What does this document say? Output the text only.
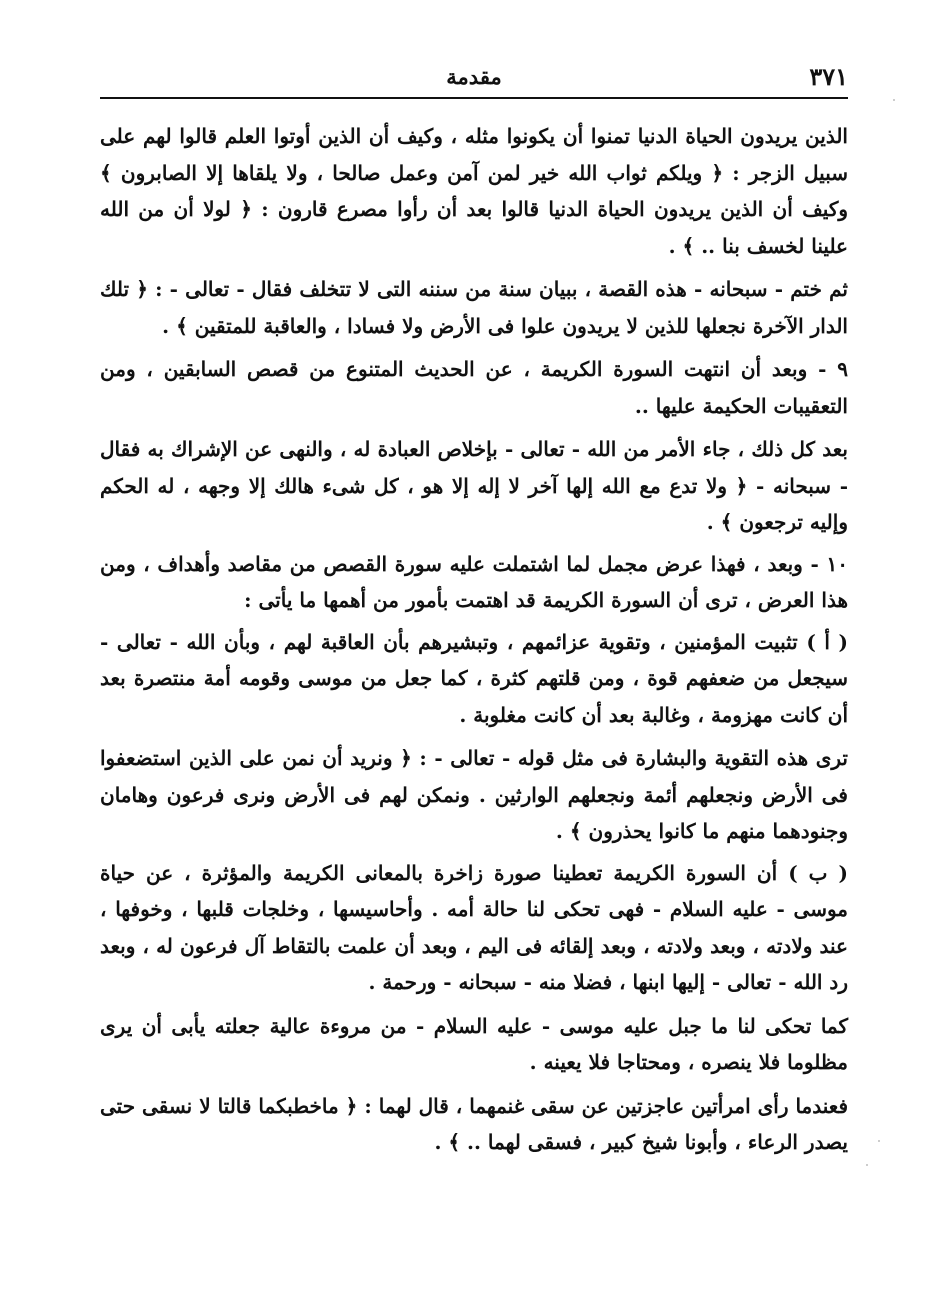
٣٧١
مقدمة

الذين يريدون الحياة الدنيا تمنوا أن يكونوا مثله ، وكيف أن الذين أوتوا العلم قالوا لهم على سبيل الزجر : ﴿ ويلكم ثواب الله خير لمن آمن وعمل صالحا ، ولا يلقاها إلا الصابرون ﴾ وكيف أن الذين يريدون الحياة الدنيا قالوا بعد أن رأوا مصرع قارون : ﴿ لولا أن من الله علينا لخسف بنا .. ﴾ .

ثم ختم - سبحانه - هذه القصة ، ببيان سنة من سننه التى لا تتخلف فقال - تعالى - : ﴿ تلك الدار الآخرة نجعلها للذين لا يريدون علوا فى الأرض ولا فسادا ، والعاقبة للمتقين ﴾ .

٩ - وبعد أن انتهت السورة الكريمة ، عن الحديث المتنوع من قصص السابقين ، ومن التعقيبات الحكيمة عليها ..

بعد كل ذلك ، جاء الأمر من الله - تعالى - بإخلاص العبادة له ، والنهى عن الإشراك به فقال - سبحانه - ﴿ ولا تدع مع الله إلها آخر لا إله إلا هو ، كل شىء هالك إلا وجهه ، له الحكم وإليه ترجعون ﴾ .

١٠ - وبعد ، فهذا عرض مجمل لما اشتملت عليه سورة القصص من مقاصد وأهداف ، ومن هذا العرض ، ترى أن السورة الكريمة قد اهتمت بأمور من أهمها ما يأتى :

( أ ) تثبيت المؤمنين ، وتقوية عزائمهم ، وتبشيرهم بأن العاقبة لهم ، وبأن الله - تعالى - سيجعل من ضعفهم قوة ، ومن قلتهم كثرة ، كما جعل من موسى وقومه أمة منتصرة بعد أن كانت مهزومة ، وغالبة بعد أن كانت مغلوبة .

ترى هذه التقوية والبشارة فى مثل قوله - تعالى - : ﴿ ونريد أن نمن على الذين استضعفوا فى الأرض ونجعلهم أئمة ونجعلهم الوارثين . ونمكن لهم فى الأرض ونرى فرعون وهامان وجنودهما منهم ما كانوا يحذرون ﴾ .

( ب ) أن السورة الكريمة تعطينا صورة زاخرة بالمعانى الكريمة والمؤثرة ، عن حياة موسى - عليه السلام - فهى تحكى لنا حالة أمه . وأحاسيسها ، وخلجات قلبها ، وخوفها ، عند ولادته ، وبعد ولادته ، وبعد إلقائه فى اليم ، وبعد أن علمت بالتقاط آل فرعون له ، وبعد رد الله - تعالى - إليها ابنها ، فضلا منه - سبحانه - ورحمة .

كما تحكى لنا ما جبل عليه موسى - عليه السلام - من مروءة عالية جعلته يأبى أن يرى مظلوما فلا ينصره ، ومحتاجا فلا يعينه .

فعندما رأى امرأتين عاجزتين عن سقى غنمهما ، قال لهما : ﴿ ماخطبكما قالتا لا نسقى حتى يصدر الرعاء ، وأبونا شيخ كبير ، فسقى لهما .. ﴾ .
